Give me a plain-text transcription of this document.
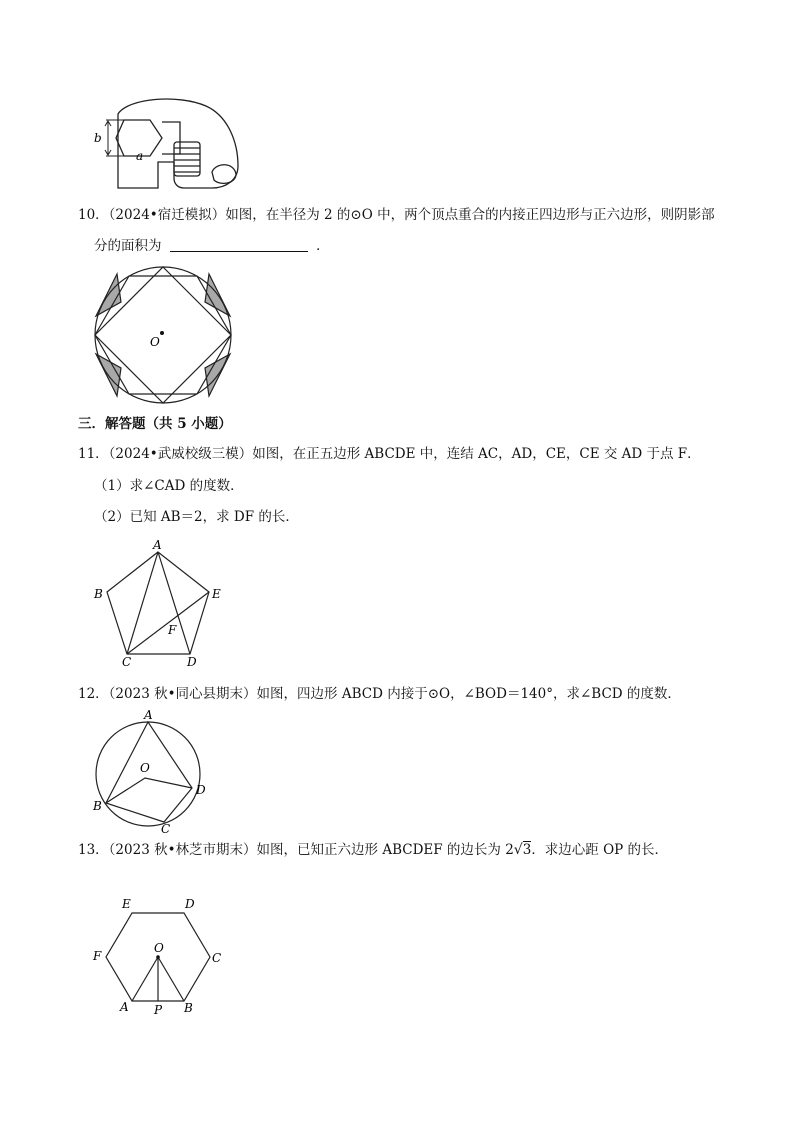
b
a
10．（2024•宿迁模拟）如图，在半径为 2 的⊙O 中，两个顶点重合的内接正四边形与正六边形，则阴影部
分的面积为	．
O
三．解答题（共 5 小题）
11．（2024•武威校级三模）如图，在正五边形 ABCDE 中，连结 AC，AD，CE，CE 交 AD 于点 F．
（1）求∠CAD 的度数．
（2）已知 AB＝2，求 DF 的长．
A
B
C	D
E
F
12．（2023 秋•同心县期末）如图，四边形 ABCD 内接于⊙O，∠BOD＝140°，求∠BCD 的度数．
A
B
C
D
O
13．（2023 秋•林芝市期末）如图，已知正六边形 ABCDEF 的边长为 2√3．求边心距 OP 的长．
E	D
F	C
O
A P B
